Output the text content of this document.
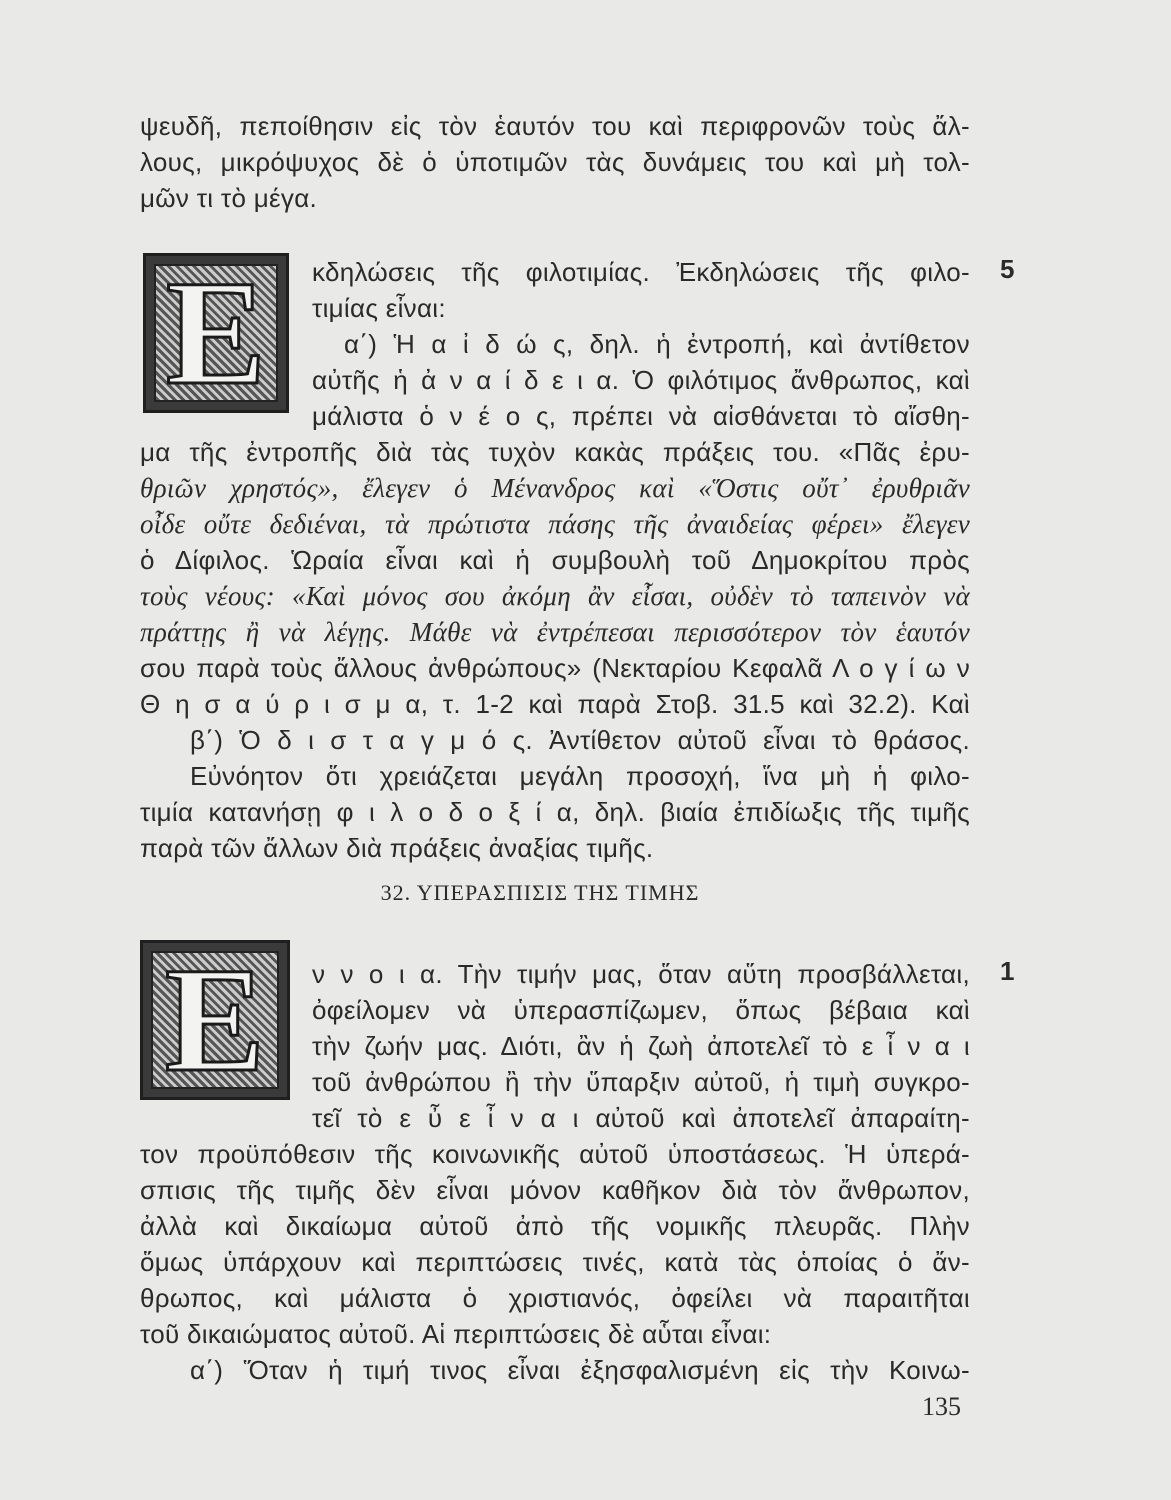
ψευδῆ, πεποίθησιν εἰς τὸν ἑαυτόν του καὶ περιφρονῶν τοὺς ἄλ-
λους, μικρόψυχος δὲ ὁ ὑποτιμῶν τὰς δυνάμεις του καὶ μὴ τολ-
μῶν τι τὸ μέγα.
E	κδηλώσεις τῆς φιλοτιμίας. Ἐκδηλώσεις τῆς φιλο- 5
τιμίας εἶναι:
α΄) Ἡ α ἰ δ ώ ς, δηλ. ἡ ἐντροπή, καὶ ἀντίθετον
αὐτῆς ἡ ἀ ν α ί δ ε ι α. Ὁ φιλότιμος ἄνθρωπος, καὶ
μάλιστα ὁ ν έ ο ς, πρέπει νὰ αἰσθάνεται τὸ αἴσθη-
μα τῆς ἐντροπῆς διὰ τὰς τυχὸν κακὰς πράξεις του. «Πᾶς ἐρυ-
θριῶν χρηστός», ἔλεγεν ὁ Μένανδρος καὶ «Ὅστις οὔτ᾽ ἐρυθριᾶν
οἶδε οὔτε δεδιέναι, τὰ πρώτιστα πάσης τῆς ἀναιδείας φέρει» ἔλεγεν
ὁ Δίφιλος. Ὡραία εἶναι καὶ ἡ συμβουλὴ τοῦ Δημοκρίτου πρὸς
τοὺς νέους: «Καὶ μόνος σου ἀκόμη ἂν εἶσαι, οὐδὲν τὸ ταπεινὸν νὰ
πράττῃς ἢ νὰ λέγῃς. Μάθε νὰ ἐντρέπεσαι περισσότερον τὸν ἑαυτόν
σου παρὰ τοὺς ἄλλους ἀνθρώπους» (Νεκταρίου Κεφαλᾶ Λ ο γ ί ω ν
Θ η σ α ύ ρ ι σ μ α, τ. 1-2 καὶ παρὰ Στοβ. 31.5 καὶ 32.2). Καὶ
β΄) Ὁ δ ι σ τ α γ μ ό ς. Ἀντίθετον αὐτοῦ εἶναι τὸ θράσος.
Εὐνόητον ὅτι χρειάζεται μεγάλη προσοχή, ἵνα μὴ ἡ φιλο-
τιμία κατανήσῃ φ ι λ ο δ ο ξ ί α, δηλ. βιαία ἐπιδίωξις τῆς τιμῆς
παρὰ τῶν ἄλλων διὰ πράξεις ἀναξίας τιμῆς.
32. ΥΠΕΡΑΣΠΙΣΙΣ ΤΗΣ ΤΙΜΗΣ
E	ν ν ο ι α. Τὴν τιμήν μας, ὅταν αὕτη προσβάλλεται, 1
ὀφείλομεν νὰ ὑπερασπίζωμεν, ὅπως βέβαια καὶ
τὴν ζωήν μας. Διότι, ἂν ἡ ζωὴ ἀποτελεῖ τὸ ε ἶ ν α ι
τοῦ ἀνθρώπου ἢ τὴν ὕπαρξιν αὐτοῦ, ἡ τιμὴ συγκρο-
τεῖ τὸ ε ὖ ε ἶ ν α ι αὐτοῦ καὶ ἀποτελεῖ ἀπαραίτη-
τον προϋπόθεσιν τῆς κοινωνικῆς αὐτοῦ ὑποστάσεως. Ἡ ὑπερά-
σπισις τῆς τιμῆς δὲν εἶναι μόνον καθῆκον διὰ τὸν ἄνθρωπον,
ἀλλὰ καὶ δικαίωμα αὐτοῦ ἀπὸ τῆς νομικῆς πλευρᾶς. Πλὴν
ὅμως ὑπάρχουν καὶ περιπτώσεις τινές, κατὰ τὰς ὁποίας ὁ ἄν-
θρωπος, καὶ μάλιστα ὁ χριστιανός, ὀφείλει νὰ παραιτῆται
τοῦ δικαιώματος αὐτοῦ. Αἱ περιπτώσεις δὲ αὗται εἶναι:
α΄) Ὅταν ἡ τιμή τινος εἶναι ἐξησφαλισμένη εἰς τὴν Κοινω-
135
